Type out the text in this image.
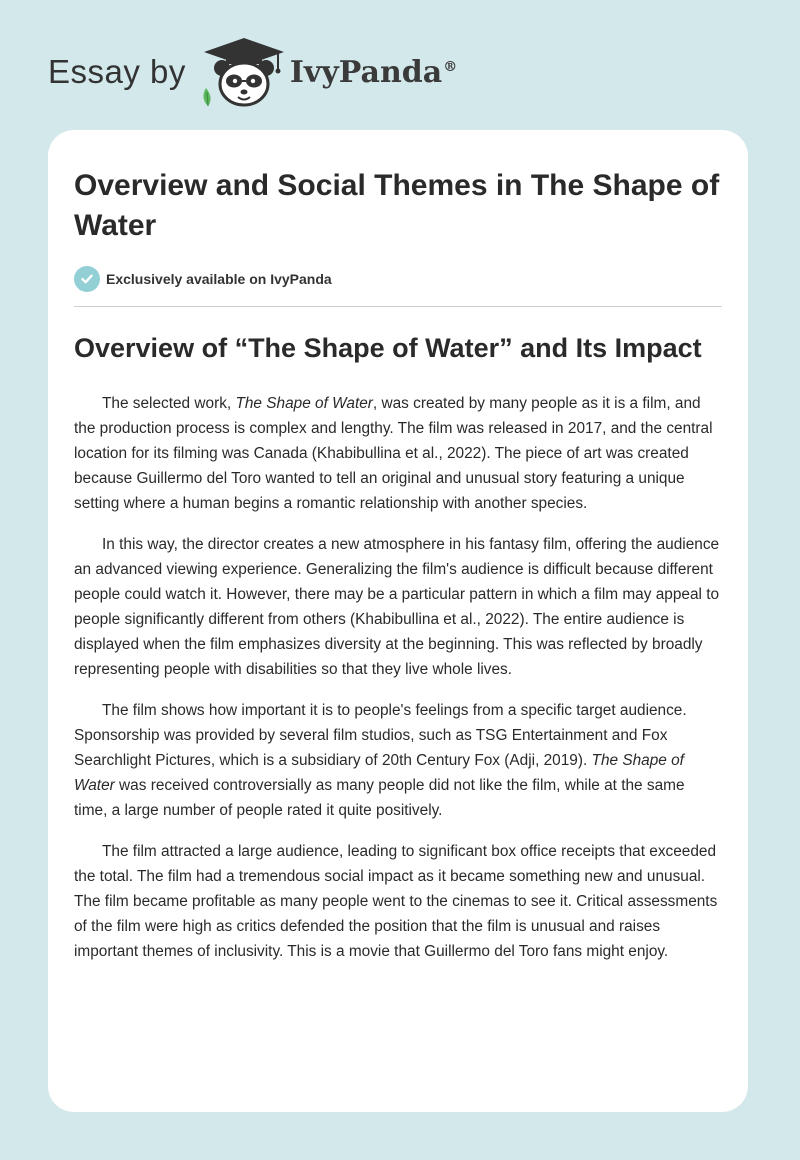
Essay by	IvyPanda®
Overview and Social Themes in The Shape of Water
Exclusively available on IvyPanda
Overview of “The Shape of Water” and Its Impact

The selected work, The Shape of Water, was created by many people as it is a film, and the production process is complex and lengthy. The film was released in 2017, and the central location for its filming was Canada (Khabibullina et al., 2022). The piece of art was created because Guillermo del Toro wanted to tell an original and unusual story featuring a unique setting where a human begins a romantic relationship with another species.

In this way, the director creates a new atmosphere in his fantasy film, offering the audience an advanced viewing experience. Generalizing the film's audience is difficult because different people could watch it. However, there may be a particular pattern in which a film may appeal to people significantly different from others (Khabibullina et al., 2022). The entire audience is displayed when the film emphasizes diversity at the beginning. This was reflected by broadly representing people with disabilities so that they live whole lives.

The film shows how important it is to people's feelings from a specific target audience. Sponsorship was provided by several film studios, such as TSG Entertainment and Fox Searchlight Pictures, which is a subsidiary of 20th Century Fox (Adji, 2019). The Shape of Water was received controversially as many people did not like the film, while at the same time, a large number of people rated it quite positively.

The film attracted a large audience, leading to significant box office receipts that exceeded the total. The film had a tremendous social impact as it became something new and unusual. The film became profitable as many people went to the cinemas to see it. Critical assessments of the film were high as critics defended the position that the film is unusual and raises important themes of inclusivity. This is a movie that Guillermo del Toro fans might enjoy.
